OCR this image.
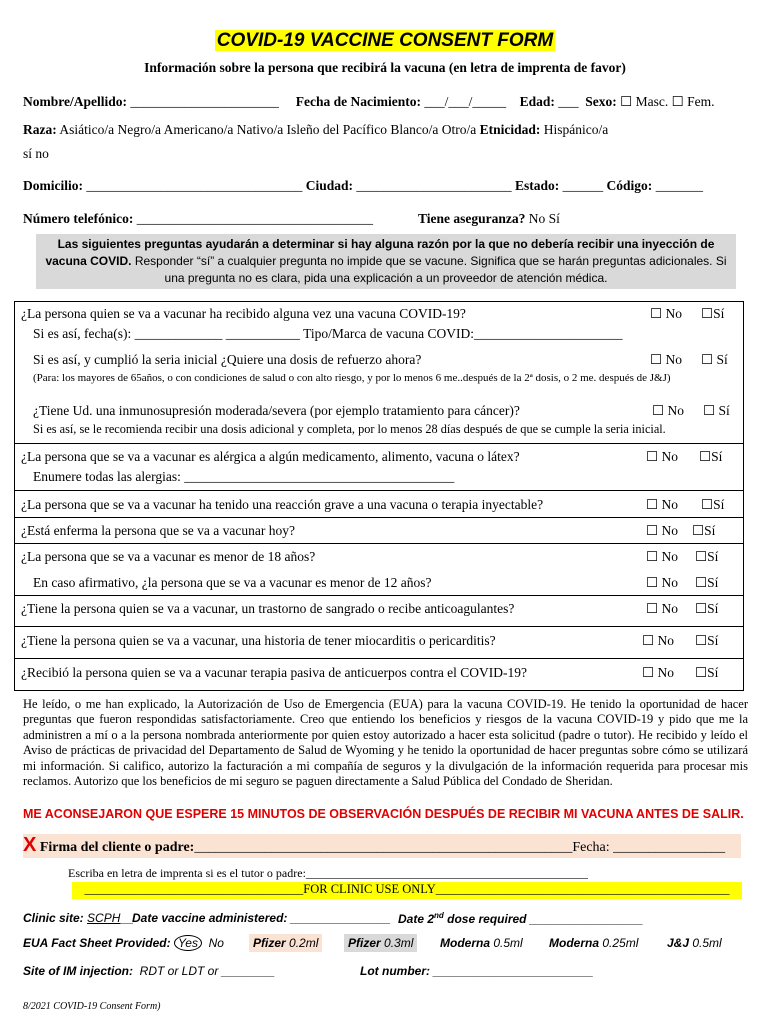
COVID-19 VACCINE CONSENT FORM
Información sobre la persona que recibirá la vacuna (en letra de imprenta de favor)
Nombre/Apellido: ______________________ Fecha de Nacimiento: ___/___/_____ Edad: ___ Sexo: ☐ Masc. ☐ Fem.
Raza: Asiático/a Negro/a Americano/a Nativo/a Isleño del Pacífico Blanco/a Otro/a Etnicidad: Hispánico/a
sí no
Domicilio: ________________________________ Ciudad: _______________________ Estado: ______ Código: _______
Número telefónico: ___________________________________	Tiene aseguranza? No Sí
Las siguientes preguntas ayudarán a determinar si hay alguna razón por la que no debería recibir una inyección de vacuna COVID. Responder “sí” a cualquier pregunta no impide que se vacune. Significa que se harán preguntas adicionales. Si una pregunta no es clara, pida una explicación a un proveedor de atención médica.
¿La persona quien se va a vacunar ha recibido alguna vez una vacuna COVID-19?	☐ No ☐Sí
Si es así, fecha(s): _____________ ___________ Tipo/Marca de vacuna COVID:______________________
Si es así, y cumplió la seria inicial ¿Quiere una dosis de refuerzo ahora?	☐ No ☐ Sí
(Para: los mayores de 65años, o con condiciones de salud o con alto riesgo, y por lo menos 6 me..después de la 2ª dosis, o 2 me. después de J&J)
¿Tiene Ud. una inmunosupresión moderada/severa (por ejemplo tratamiento para cáncer)?	☐ No ☐ Sí
Si es así, se le recomienda recibir una dosis adicional y completa, por lo menos 28 días después de que se cumple la seria inicial.
¿La persona que se va a vacunar es alérgica a algún medicamento, alimento, vacuna o látex?	☐ No ☐Sí
Enumere todas las alergias: ________________________________________
¿La persona que se va a vacunar ha tenido una reacción grave a una vacuna o terapia inyectable?	☐ No ☐Sí
¿Está enferma la persona que se va a vacunar hoy?	☐ No ☐Sí
¿La persona que se va a vacunar es menor de 18 años?	☐ No ☐Sí
En caso afirmativo, ¿la persona que se va a vacunar es menor de 12 años?	☐ No ☐Sí
¿Tiene la persona quien se va a vacunar, un trastorno de sangrado o recibe anticoagulantes?	☐ No ☐Sí
¿Tiene la persona quien se va a vacunar, una historia de tener miocarditis o pericarditis?	☐ No ☐Sí
¿Recibió la persona quien se va a vacunar terapia pasiva de anticuerpos contra el COVID-19?	☐ No ☐Sí
He leído, o me han explicado, la Autorización de Uso de Emergencia (EUA) para la vacuna COVID-19. He tenido la oportunidad de hacer preguntas que fueron respondidas satisfactoriamente. Creo que entiendo los beneficios y riesgos de la vacuna COVID-19 y pido que me la administren a mí o a la persona nombrada anteriormente por quien estoy autorizado a hacer esta solicitud (padre o tutor). He recibido y leído el Aviso de prácticas de privacidad del Departamento de Salud de Wyoming y he tenido la oportunidad de hacer preguntas sobre cómo se utilizará mi información. Si califico, autorizo la facturación a mi compañía de seguros y la divulgación de la información requerida para procesar mis reclamos. Autorizo que los beneficios de mi seguro se paguen directamente a Salud Pública del Condado de Sheridan.
ME ACONSEJARON QUE ESPERE 15 MINUTOS DE OBSERVACIÓN DESPUÉS DE RECIBIR MI VACUNA ANTES DE SALIR.
X Firma del cliente o padre:______________________________________________________Fecha: ________________
Escriba en letra de imprenta si es el tutor o padre:_______________________________________________
___________________________________FOR CLINIC USE ONLY_______________________________________________
Clinic site: SCPH__
Date vaccine administered: _______________ Date 2nd dose required _________________
EUA Fact Sheet Provided: Yes No	Pfizer 0.2ml	Pfizer 0.3ml	Moderna 0.5ml Moderna 0.25ml J&J 0.5ml
Site of IM injection: RDT or LDT or ________	Lot number: ________________________
8/2021 COVID-19 Consent Form)
